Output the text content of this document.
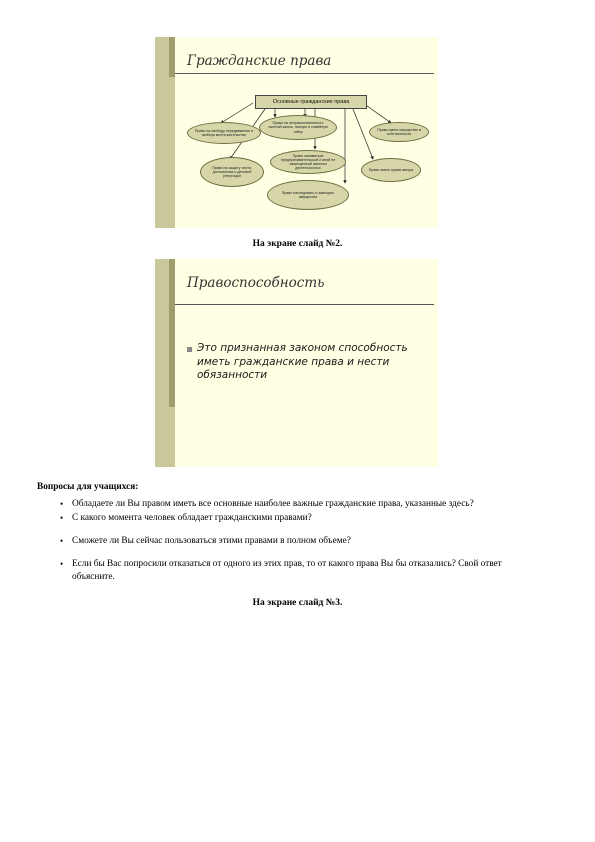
Гражданские права
Основные гражданские права
Право на свободу передвижения и выбора места жительства
Право на неприкосновенность частной жизни, личную и семейную тайну	Право иметь имущество в собственности
Право на защиту чести, достоинства и деловой репутации
Право заниматься предпринимательской и иной не запрещенной законом деятельностью	Право иметь права автора
Право наследовать и завещать имущество
На экране слайд №2.
Правоспособность
Это признанная законом способность иметь гражданские права и нести обязанности
Вопросы для учащихся:
• Обладаете ли Вы правом иметь все основные наиболее важные гражданские права, указанные здесь?
• С какого момента человек обладает гражданскими правами?
• Сможете ли Вы сейчас пользоваться этими правами в полном объеме?
• Если бы Вас попросили отказаться от одного из этих прав, то от какого права Вы бы отказались? Свой ответ объясните.
На экране слайд №3.
